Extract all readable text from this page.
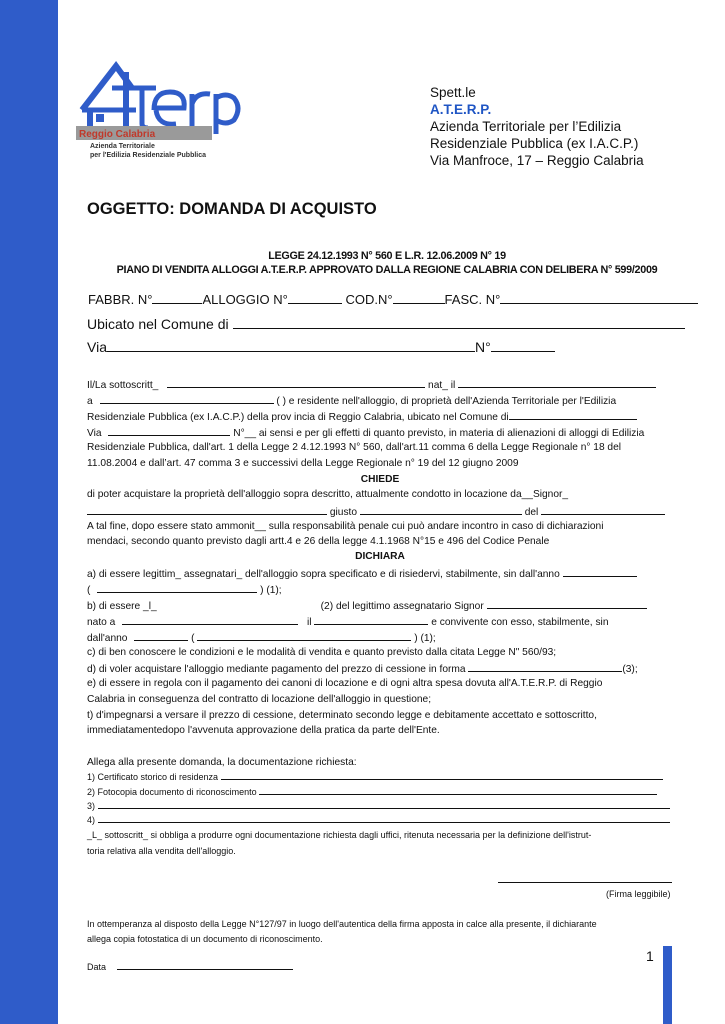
Reggio Calabria
Azienda Territoriale
per l'Edilizia Residenziale Pubblica
Spett.le
A.T.E.R.P.
Azienda Territoriale per l’Edilizia
Residenziale Pubblica (ex I.A.C.P.)
Via Manfroce, 17 – Reggio Calabria
OGGETTO: DOMANDA DI ACQUISTO
LEGGE 24.12.1993 N° 560 E L.R. 12.06.2009 N° 19
PIANO DI VENDITA ALLOGGI A.T.E.R.P. APPROVATO DALLA REGIONE CALABRIA CON DELIBERA N° 599/2009
FABBR. N°	ALLOGGIO N°	COD.N°	FASC. N°
Ubicato nel Comune di
Via	N°
Il/La sottoscritt_	nat_ il
a	( ) e residente nell'alloggio, di proprietà dell'Azienda Territoriale per l'Edilizia
Residenziale Pubblica (ex I.A.C.P.) della prov incia di Reggio Calabria, ubicato nel Comune di
Via	N°__ ai sensi e per gli effetti di quanto previsto, in materia di alienazioni di alloggi di Edilizia
Residenziale Pubblica, dall'art. 1 della Legge 2 4.12.1993 N° 560, dall'art.11 comma 6 della Legge Regionale n° 18 del
11.08.2004 e dall’art. 47 comma 3 e successivi della Legge Regionale n° 19 del 12 giugno 2009
CHIEDE
di poter acquistare la proprietà dell'alloggio sopra descritto, attualmente condotto in locazione da__Signor_
giusto	del
A tal fine, dopo essere stato ammonit__ sulla responsabilità penale cui può andare incontro in caso di dichiarazioni
mendaci, secondo quanto previsto dagli artt.4 e 26 della legge 4.1.1968 N°15 e 496 del Codice Penale
DICHIARA
a) di essere legittim_ assegnatari_ dell'alloggio sopra specificato e di risiedervi, stabilmente, sin dall'anno
(	) (1);
b) di essere _l_	(2) del legittimo assegnatario Signor
nato a	il	e convivente con esso, stabilmente, sin
dall'anno	(	) (1);
c) di ben conoscere le condizioni e le modalità di vendita e quanto previsto dalla citata Legge N" 560/93;
d) di voler acquistare l'alloggio mediante pagamento del prezzo di cessione in forma	(3);
e) di essere in regola con il pagamento dei canoni di locazione e di ogni altra spesa dovuta all'A.T.E.R.P. di Reggio
Calabria in conseguenza del contratto di locazione dell'alloggio in questione;
t) d'impegnarsi a versare il prezzo di cessione, determinato secondo legge e debitamente accettato e sottoscritto,
immediatamentedopo l'avvenuta approvazione della pratica da parte dell'Ente.
Allega alla presente domanda, la documentazione richiesta:
1) Certificato storico di residenza
2) Fotocopia documento di riconoscimento
3)
4)
_L_ sottoscritt_ si obbliga a produrre ogni documentazione richiesta dagli uffici, ritenuta necessaria per la definizione dell'istrut-
toria relativa alla vendita dell'alloggio.
(Firma leggibile)
In ottemperanza al disposto della Legge N°127/97 in luogo dell'autentica della firma apposta in calce alla presente, il dichiarante
allega copia fotostatica di un documento di riconoscimento.
Data
1
